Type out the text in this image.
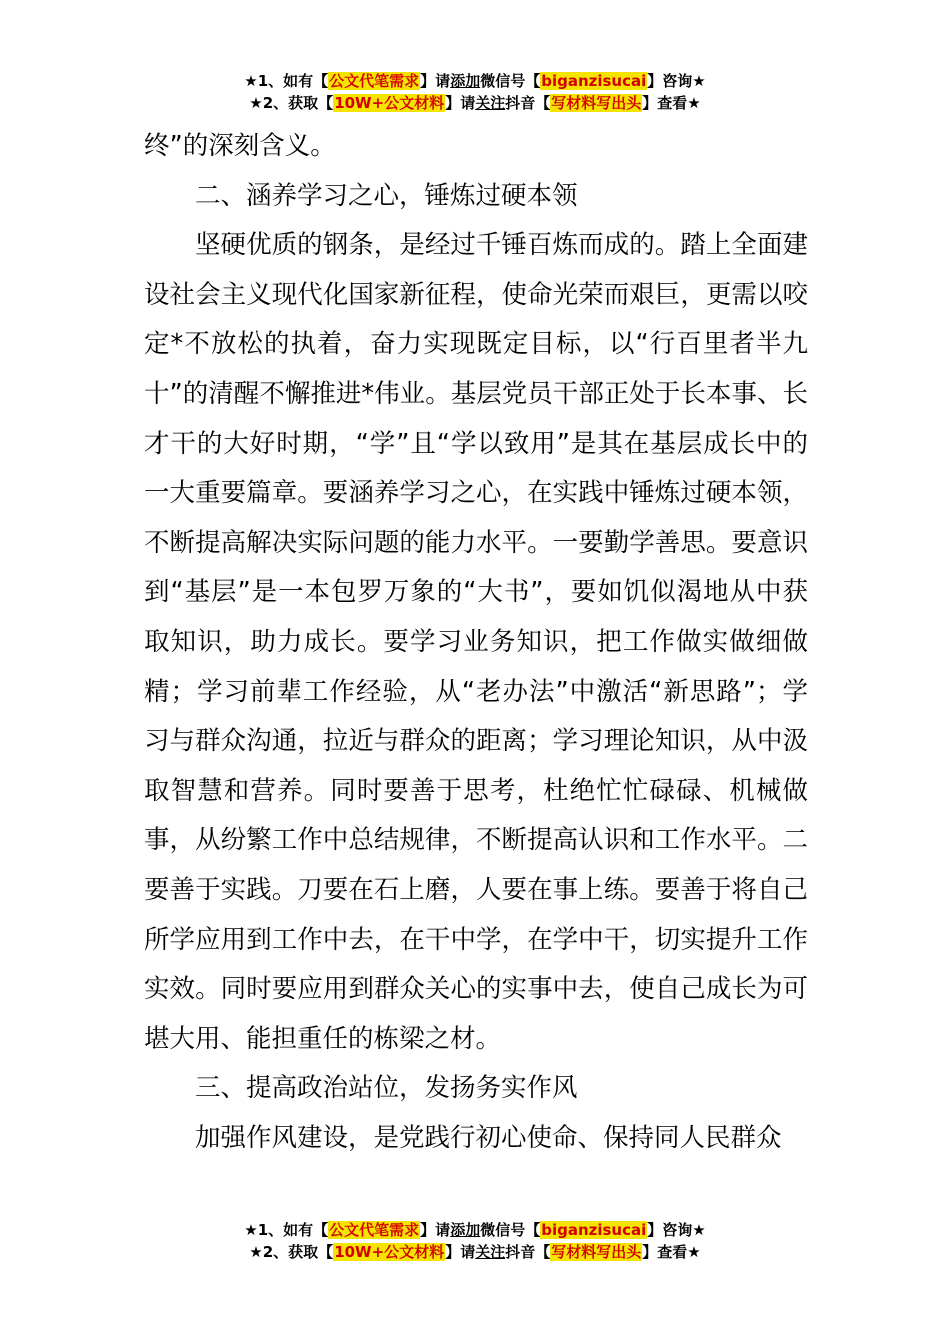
★1、如有【公文代笔需求】请添加微信号【biganzisucai】咨询★
★2、获取【10W+公文材料】请关注抖音【写材料写出头】查看★

终”的深刻含义。

二、涵养学习之心，锤炼过硬本领

坚硬优质的钢条，是经过千锤百炼而成的。踏上全面建设社会主义现代化国家新征程，使命光荣而艰巨，更需以咬定*不放松的执着，奋力实现既定目标，以“行百里者半九十”的清醒不懈推进*伟业。基层党员干部正处于长本事、长才干的大好时期，“学”且“学以致用”是其在基层成长中的一大重要篇章。要涵养学习之心，在实践中锤炼过硬本领，不断提高解决实际问题的能力水平。一要勤学善思。要意识到“基层”是一本包罗万象的“大书”，要如饥似渴地从中获取知识，助力成长。要学习业务知识，把工作做实做细做精；学习前辈工作经验，从“老办法”中激活“新思路”；学习与群众沟通，拉近与群众的距离；学习理论知识，从中汲取智慧和营养。同时要善于思考，杜绝忙忙碌碌、机械做事，从纷繁工作中总结规律，不断提高认识和工作水平。二要善于实践。刀要在石上磨，人要在事上练。要善于将自己所学应用到工作中去，在干中学，在学中干，切实提升工作实效。同时要应用到群众关心的实事中去，使自己成长为可堪大用、能担重任的栋梁之材。

三、提高政治站位，发扬务实作风

加强作风建设，是党践行初心使命、保持同人民群众

★1、如有【公文代笔需求】请添加微信号【biganzisucai】咨询★
★2、获取【10W+公文材料】请关注抖音【写材料写出头】查看★
